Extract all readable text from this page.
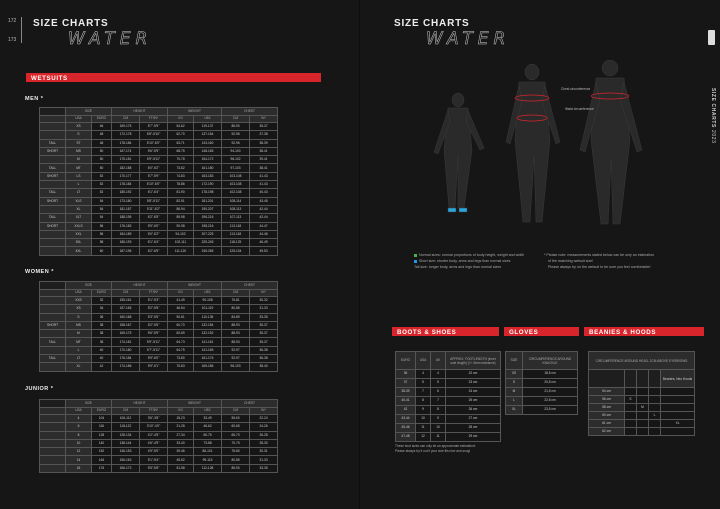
172
173
SIZE CHARTS
WATER
WETSUITS
MEN *
	SIZE		HEIGHT		WEIGHT		CHEST	
	USA	EURO	CM	FT/IN*	KG	LBS	CM	IN*
	XS	46	169-175	5'7"-5'9"	54-62	119-137	86-90	35-37
	S	48	172-178	5'8"-5'10"	62-70	137-154	92-96	37-38
TALL	ST	48	178-184	5'10"-6'0"	63-71	143-160	92-96	38-39
SHORT	MS	50	167-174	5'6"-5'9"	68-75	148-165	94-100	38-41
	M	50	175-181	5'9"-5'11"	70-78	154-172	96-102	39-41
TALL	MT	50	182-188	6'0"-6'2"	73-82	161-180	97-103	38-41
SHORT	LS	52	170-177	5'7"-5'9"	74-83	163-183	103-108	41-43
	L	52	178-184	5'10"-6'0"	78-86	172-190	103-108	41-43
TALL	LT	52	185-192	6'1"-6'4"	81-90	178-198	102-108	40-43
SHORT	XLS	54	173-180	5'8"-5'11"	82-91	181-201	108-114	43-45
	XL	54	181-187	5'11"-6'2"	86-94	190-207	108-113	42-44
TALL	XLT	54	188-195	6'2"-6'5"	89-98	196-216	107-113	42-44
SHORT	XXLS	56	176-183	5'9"-6'0"	90-98	198-216	113-118	44-47
	XXL	56	184-189	6'0"-6'2"	94-102	207-225	113-118	44-46
	3XL	58	186-193	6'1"-6'4"	102-111	225-245	118-125	46-49
	4XL	60	187-196	6'2"-6'5"	111-120	245-265	125-134	49-53
WOMEN *
	SIZE		HEIGHT		WEIGHT		CHEST	
	USA	EURO	CM	FT/IN*	KG	LBS	CM	IN*
	XXS	32	155-161	5'1"-5'3"	41-49	90-108	76-81	30-32
	XS	34	157-165	5'2"-5'5"	46-54	101-119	80-85	31-33
	S	36	160-168	5'3"-5'6"	50-61	110-135	84-89	33-35
SHORT	MS	38	158-167	5'2"-5'6"	60-70	132-154	88-93	35-37
	M	38	169-175	5'6"-5'9"	60-69	132-152	88-93	35-37
TALL	MT	38	174-181	5'9"-5'11"	64-73	141-161	88-93	35-37
	L	40	170-180	5'7"-5'11"	64-75	141-165	92-97	36-38
TALL	LT	40	176-184	5'9"-6'0"	73-80	161-176	92-97	36-38
	XL	42	174-186	5'9"-6'1"	75-83	165-186	96-103	38-40
JUNIOR *
	SIZE		HEIGHT		WEIGHT		CHEST	
	USA	EURO	CM	FT/IN*	KG	LBS	CM	IN*
	4	104	106-112	3'6"-3'8"	15-23	33-49	55-60	22-24
	6	116	118-122	3'10"-4'0"	21-28	46-62	60-65	24-26
	8	128	128-134	4'2"-4'5"	27-34	60-75	65-70	26-28
	10	140	138-144	4'6"-4'9"	33-40	73-88	70-75	28-30
	12	152	146-153	4'9"-5'0"	39-46	86-101	75-80	30-31
	14	164	156-163	5'1"-5'4"	45-52	99-115	80-85	31-33
	16	176	166-173	5'5"-5'8"	51-58	112-128	85-90	33-35
SIZE CHARTS
WATER
SIZE CHARTS
2023
Chest circumference
Waist circumference
Normal sizes: normal proportions of body height, weight and width
Short size: shorter body, arms and legs than normal sizes
Tall size: longer body, arms and legs than normal sizes
* Please note: measurements stated below can be only an estimation
of the matching wetsuit size!
Please always try on the wetsuit to be sure you feel comfortable!
BOOTS & SHOES	GLOVES	BEANIES & HOODS
EURO	USA	UK	APPROX. FOOTLENGTH (inner sole length) (+/- 5mm tolerance)
36	4	4	22 cm
37	5	5	23 cm
38-39	7	6	24 cm
40-41	8	7	25 cm
42	9	8	26 cm
43-44	10	9	27 cm
45-46	11	10	28 cm
47-48	12	11	29 cm
These boot sizes can only be an approximate estimation!
Please always try it out if your size fits nice and snug!
SIZE	CIRCUMFERENCE AROUND KNUCKLE
XS	18,5 cm
S	20,5 cm
M	21,5 cm
L	22,5 cm
XL	23,5 cm
CIRCUMFERENCE AROUND HEAD, 2CM ABOVE EYEBROWS				
				Beanies, Neo Hoods
54 cm				
56 cm	S			
58 cm		M		
60 cm			L	
61 cm				XL
62 cm				
